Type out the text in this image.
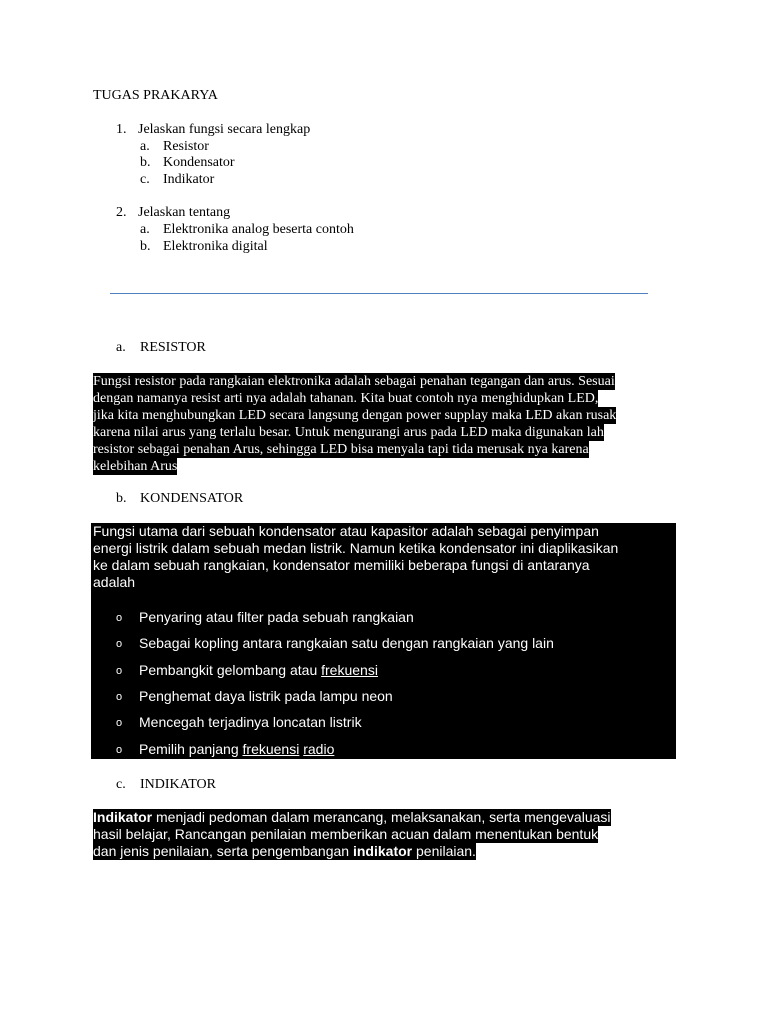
TUGAS PRAKARYA
1. Jelaskan fungsi secara lengkap
a. Resistor
b. Kondensator
c. Indikator
2. Jelaskan tentang
a. Elektronika analog beserta contoh
b. Elektronika digital
a. RESISTOR
Fungsi resistor pada rangkaian elektronika adalah sebagai penahan tegangan dan arus. Sesuai
dengan namanya resist arti nya adalah tahanan. Kita buat contoh nya menghidupkan LED,
jika kita menghubungkan LED secara langsung dengan power supplay maka LED akan rusak
karena nilai arus yang terlalu besar. Untuk mengurangi arus pada LED maka digunakan lah
resistor sebagai penahan Arus, sehingga LED bisa menyala tapi tida merusak nya karena
kelebihan Arus
b. KONDENSATOR
Fungsi utama dari sebuah kondensator atau kapasitor adalah sebagai penyimpan
energi listrik dalam sebuah medan listrik. Namun ketika kondensator ini diaplikasikan
ke dalam sebuah rangkaian, kondensator memiliki beberapa fungsi di antaranya
adalah
o Penyaring atau filter pada sebuah rangkaian
o Sebagai kopling antara rangkaian satu dengan rangkaian yang lain
o Pembangkit gelombang atau frekuensi
o Penghemat daya listrik pada lampu neon
o Mencegah terjadinya loncatan listrik
o Pemilih panjang frekuensi radio
c. INDIKATOR
Indikator menjadi pedoman dalam merancang, melaksanakan, serta mengevaluasi
hasil belajar, Rancangan penilaian memberikan acuan dalam menentukan bentuk
dan jenis penilaian, serta pengembangan indikator penilaian.
